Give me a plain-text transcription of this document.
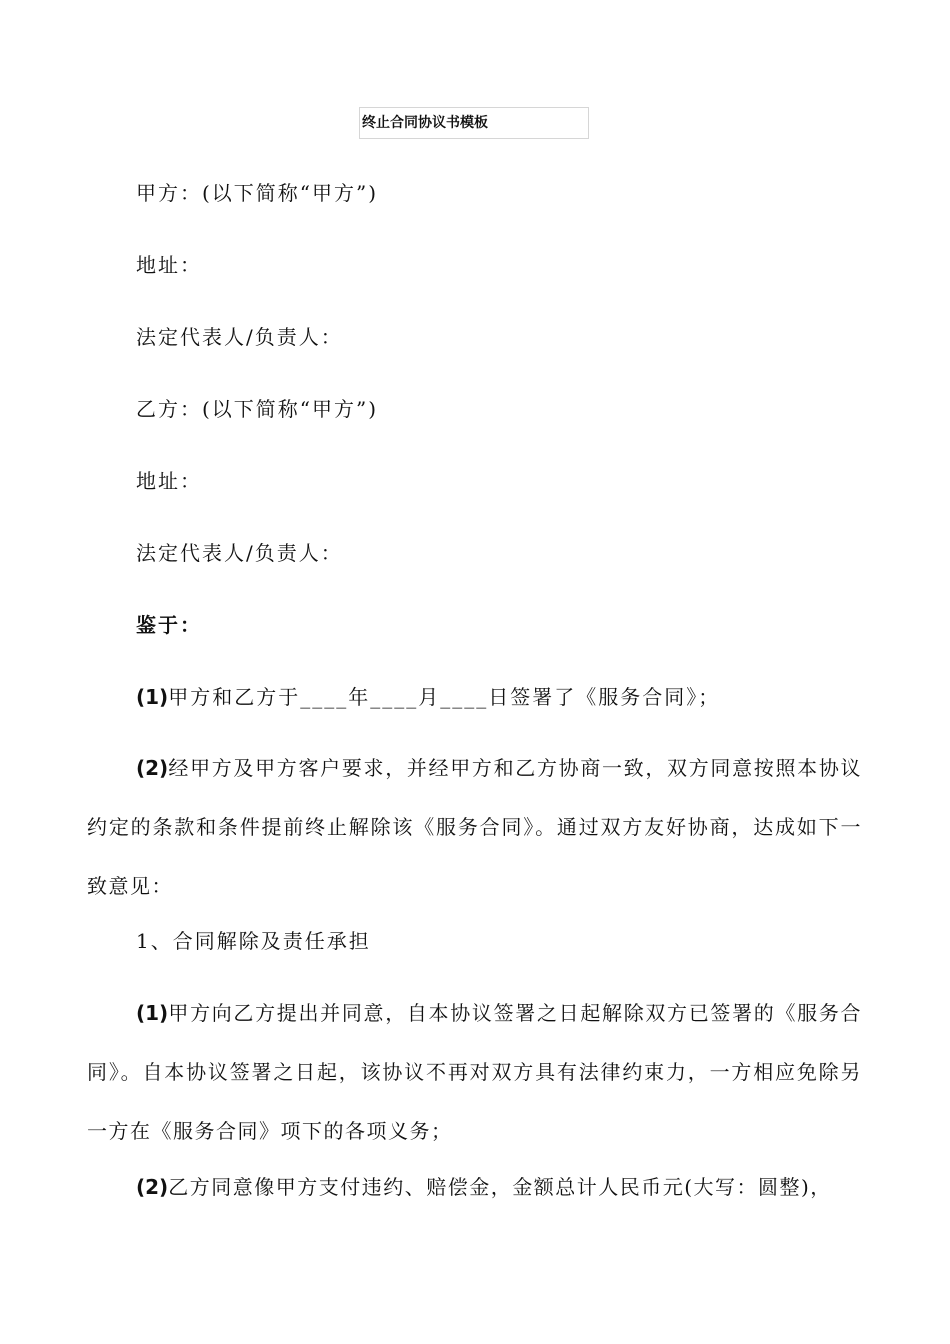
终止合同协议书模板
甲方：(以下简称“甲方”)
地址：
法定代表人/负责人：
乙方：(以下简称“甲方”)
地址：
法定代表人/负责人：
鉴于：
(1)甲方和乙方于____年____月____日签署了《服务合同》；
(2)经甲方及甲方客户要求，并经甲方和乙方协商一致，双方同意按照本协议约定的条款和条件提前终止解除该《服务合同》。通过双方友好协商，达成如下一致意见：
1、合同解除及责任承担
(1)甲方向乙方提出并同意，自本协议签署之日起解除双方已签署的《服务合同》。自本协议签署之日起，该协议不再对双方具有法律约束力，一方相应免除另一方在《服务合同》项下的各项义务；
(2)乙方同意像甲方支付违约、赔偿金，金额总计人民币元(大写：圆整)，
